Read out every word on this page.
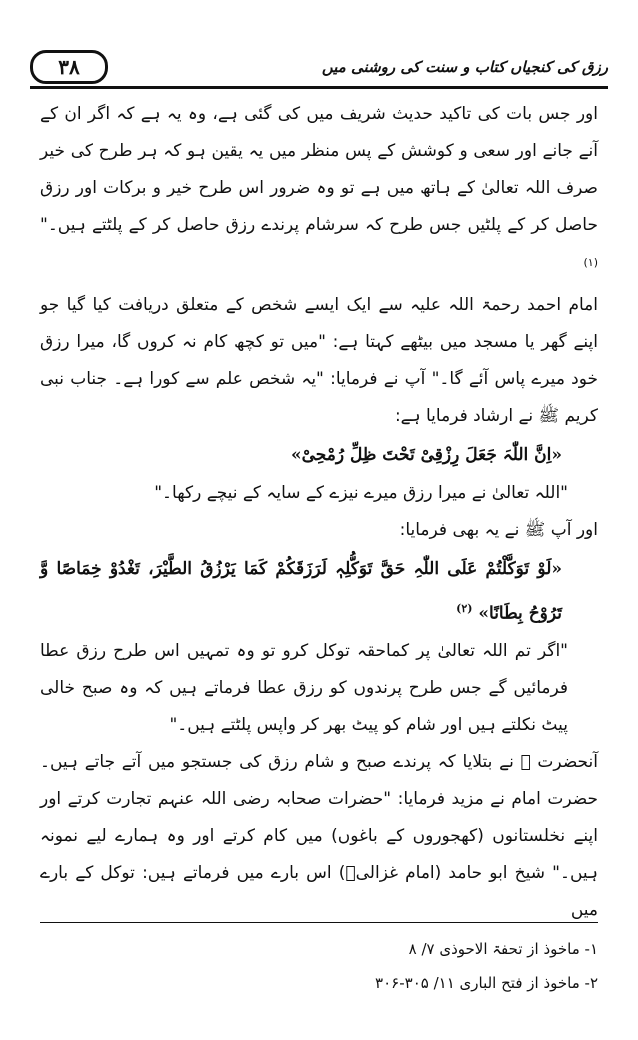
۳۸	رزق کی کنجیاں کتاب و سنت کی روشنی میں

اور جس بات کی تاکید حدیث شریف میں کی گئی ہے، وہ یہ ہے کہ اگر ان کے آنے جانے اور سعی و کوشش کے پس منظر میں یہ یقین ہو کہ ہر طرح کی خیر صرف اللہ تعالیٰ کے ہاتھ میں ہے تو وہ ضرور اس طرح خیر و برکات اور رزق حاصل کر کے پلٹیں جس طرح کہ سرشام پرندے رزق حاصل کر کے پلٹتے ہیں۔" $^{(۱)}$

امام احمد رحمۃ اللہ علیہ سے ایک ایسے شخص کے متعلق دریافت کیا گیا جو اپنے گھر یا مسجد میں بیٹھے کہتا ہے: "میں تو کچھ کام نہ کروں گا، میرا رزق خود میرے پاس آئے گا۔" آپ نے فرمایا: "یہ شخص علم سے کورا ہے۔ جناب نبی کریم ﷺ نے ارشاد فرمایا ہے:

«اِنَّ اللّٰہَ جَعَلَ رِزْقِیْ تَحْتَ ظِلِّ رُمْحِیْ»

"اللہ تعالیٰ نے میرا رزق میرے نیزے کے سایہ کے نیچے رکھا۔"

اور آپ ﷺ نے یہ بھی فرمایا:

«لَوْ تَوَکَّلْتُمْ عَلَی اللّٰہِ حَقَّ تَوَکُّلِہٖ لَرَزَقَکُمْ کَمَا یَرْزُقُ الطَّیْرَ، تَغْدُوْ خِمَاصًا وَّ تَرُوْحُ بِطَانًا» $^{(۲)}$

"اگر تم اللہ تعالیٰ پر کماحقہ توکل کرو تو وہ تمہیں اس طرح رزق عطا فرمائیں گے جس طرح پرندوں کو رزق عطا فرماتے ہیں کہ وہ صبح خالی پیٹ نکلتے ہیں اور شام کو پیٹ بھر کر واپس پلٹتے ہیں۔"

آنحضرت ﷺ نے بتلایا کہ پرندے صبح و شام رزق کی جستجو میں آتے جاتے ہیں۔ حضرت امام نے مزید فرمایا: "حضرات صحابہ رضی اللہ عنہم تجارت کرتے اور اپنے نخلستانوں (کھجوروں کے باغوں) میں کام کرتے اور وہ ہمارے لیے نمونہ ہیں۔" شیخ ابو حامد (امام غزالیؒ) اس بارے میں فرماتے ہیں: توکل کے بارے میں

۱- ماخوذ از تحفۃ الاحوذی ۷/ ۸

۲- ماخوذ از فتح الباری ۱۱/ ۳۰۵-۳۰۶
